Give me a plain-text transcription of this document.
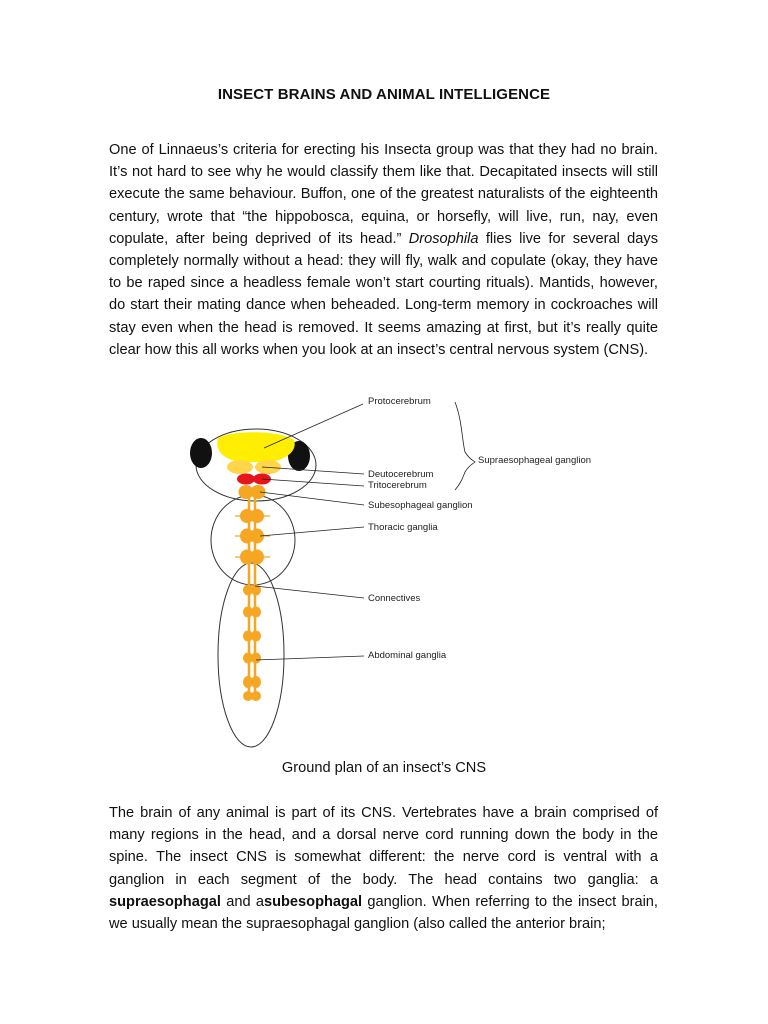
INSECT BRAINS AND ANIMAL INTELLIGENCE

One of Linnaeus’s criteria for erecting his Insecta group was that they had no brain. It’s not hard to see why he would classify them like that. Decapitated insects will still execute the same behaviour. Buffon, one of the greatest naturalists of the eighteenth century, wrote that “the hippobosca, equina, or horsefly, will live, run, nay, even copulate, after being deprived of its head.” Drosophila flies live for several days completely normally without a head: they will fly, walk and copulate (okay, they have to be raped since a headless female won’t start courting rituals). Mantids, however, do start their mating dance when beheaded. Long-term memory in cockroaches will stay even when the head is removed. It seems amazing at first, but it’s really quite clear how this all works when you look at an insect’s central nervous system (CNS).

Protocerebrum
Supraesophageal ganglion
Deutocerebrum
Tritocerebrum
Subesophageal ganglion
Thoracic ganglia
Connectives
Abdominal ganglia
Ground plan of an insect’s CNS

The brain of any animal is part of its CNS. Vertebrates have a brain comprised of many regions in the head, and a dorsal nerve cord running down the body in the spine. The insect CNS is somewhat different: the nerve cord is ventral with a ganglion in each segment of the body. The head contains two ganglia: a supraesophagal and asubesophagal ganglion. When referring to the insect brain, we usually mean the supraesophagal ganglion (also called the anterior brain;
